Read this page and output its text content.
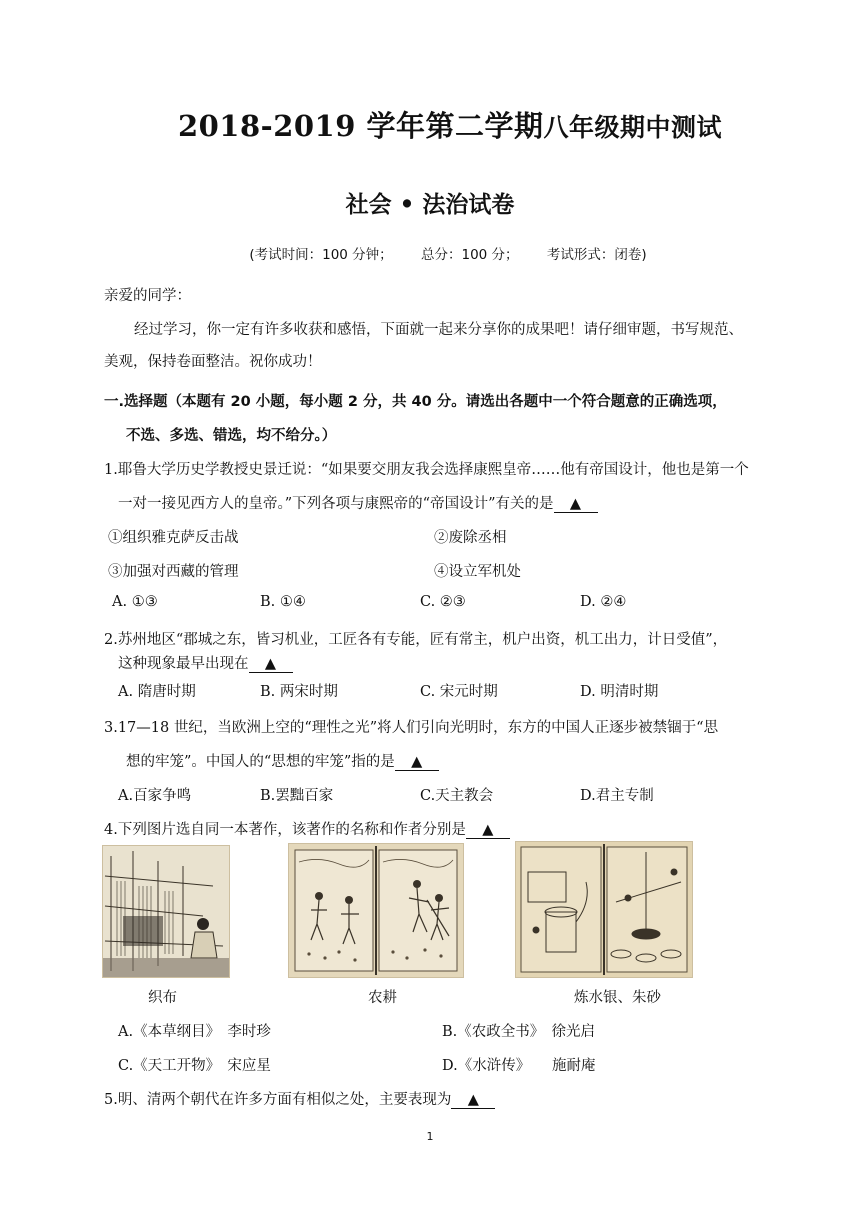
2018-2019 学年第二学期八年级期中测试
社会 • 法治试卷
(考试时间：100 分钟； 总分：100 分； 考试形式：闭卷)
亲爱的同学：
经过学习，你一定有许多收获和感悟，下面就一起来分享你的成果吧！请仔细审题，书写规范、
美观，保持卷面整洁。祝你成功！
一.选择题（本题有 20 小题，每小题 2 分，共 40 分。请选出各题中一个符合题意的正确选项，
不选、多选、错选，均不给分。）
1.耶鲁大学历史学教授史景迁说：“如果要交朋友我会选择康熙皇帝……他有帝国设计，他也是第一个
一对一接见西方人的皇帝。”下列各项与康熙帝的“帝国设计”有关的是 ▲
①组织雅克萨反击战	②废除丞相
③加强对西藏的管理	④设立军机处
A. ①③	B. ①④	C. ②③	D. ②④
2.苏州地区“郡城之东，皆习机业，工匠各有专能，匠有常主，机户出资，机工出力，计日受值”，
这种现象最早出现在 ▲
A. 隋唐时期	B. 两宋时期	C. 宋元时期	D. 明清时期
3.17—18 世纪，当欧洲上空的“理性之光”将人们引向光明时，东方的中国人正逐步被禁锢于“思
想的牢笼”。中国人的“思想的牢笼”指的是 ▲
A.百家争鸣	B.罢黜百家	C.天主教会	D.君主专制
4.下列图片选自同一本著作，该著作的名称和作者分别是 ▲
织布	农耕	炼水银、朱砂
A.《本草纲目》　李时珍	B.《农政全书》　徐光启
C.《天工开物》　宋应星	D.《水浒传》　　施耐庵
5.明、清两个朝代在许多方面有相似之处，主要表现为 ▲
1
